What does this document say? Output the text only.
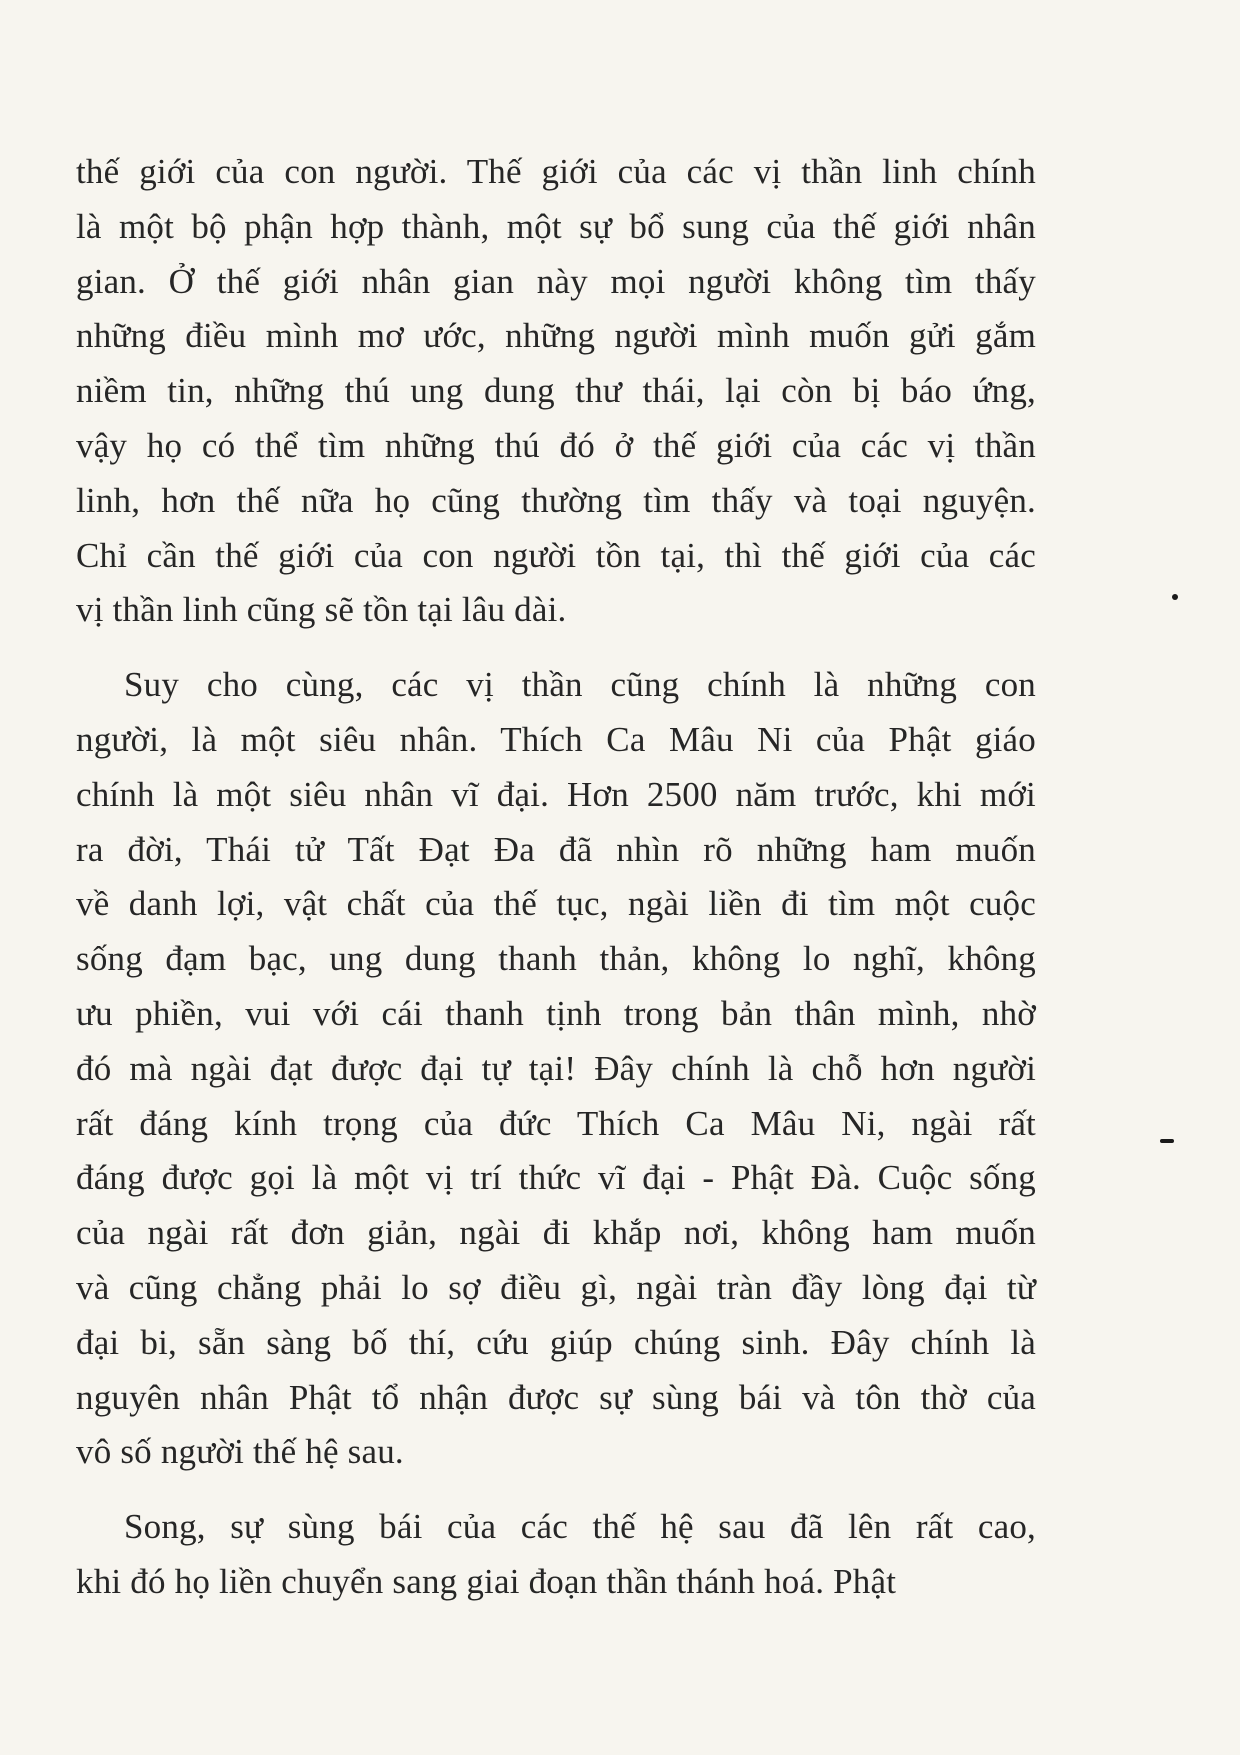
thế giới của con người. Thế giới của các vị thần linh chính
là một bộ phận hợp thành, một sự bổ sung của thế giới nhân
gian. Ở thế giới nhân gian này mọi người không tìm thấy
những điều mình mơ ước, những người mình muốn gửi gắm
niềm tin, những thú ung dung thư thái, lại còn bị báo ứng,
vậy họ có thể tìm những thú đó ở thế giới của các vị thần
linh, hơn thế nữa họ cũng thường tìm thấy và toại nguyện.
Chỉ cần thế giới của con người tồn tại, thì thế giới của các
vị thần linh cũng sẽ tồn tại lâu dài.
Suy cho cùng, các vị thần cũng chính là những con
người, là một siêu nhân. Thích Ca Mâu Ni của Phật giáo
chính là một siêu nhân vĩ đại. Hơn 2500 năm trước, khi mới
ra đời, Thái tử Tất Đạt Đa đã nhìn rõ những ham muốn
về danh lợi, vật chất của thế tục, ngài liền đi tìm một cuộc
sống đạm bạc, ung dung thanh thản, không lo nghĩ, không
ưu phiền, vui với cái thanh tịnh trong bản thân mình, nhờ
đó mà ngài đạt được đại tự tại! Đây chính là chỗ hơn người
rất đáng kính trọng của đức Thích Ca Mâu Ni, ngài rất
đáng được gọi là một vị trí thức vĩ đại - Phật Đà. Cuộc sống
của ngài rất đơn giản, ngài đi khắp nơi, không ham muốn
và cũng chẳng phải lo sợ điều gì, ngài tràn đầy lòng đại từ
đại bi, sẵn sàng bố thí, cứu giúp chúng sinh. Đây chính là
nguyên nhân Phật tổ nhận được sự sùng bái và tôn thờ của
vô số người thế hệ sau.
Song, sự sùng bái của các thế hệ sau đã lên rất cao,
khi đó họ liền chuyển sang giai đoạn thần thánh hoá. Phật
